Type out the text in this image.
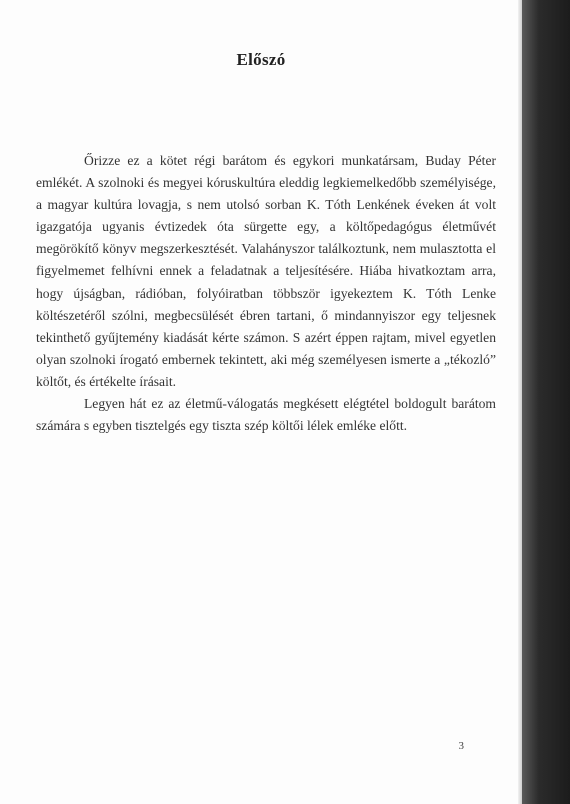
Előszó

Őrizze ez a kötet régi barátom és egykori munkatársam, Buday Péter emlékét. A szolnoki és megyei kóruskultúra eleddig legkiemelkedőbb személyisége, a magyar kultúra lovagja, s nem utolsó sorban K. Tóth Lenkének éveken át volt igazgatója ugyanis évtizedek óta sürgette egy, a költőpedagógus életművét megörökítő könyv megszerkesztését. Valahányszor találkoztunk, nem mulasztotta el figyelmemet felhívni ennek a feladatnak a teljesítésére. Hiába hivatkoztam arra, hogy újságban, rádióban, folyóiratban többször igyekeztem K. Tóth Lenke költészetéről szólni, megbecsülését ébren tartani, ő mindannyiszor egy teljesnek tekinthető gyűjtemény kiadását kérte számon. S azért éppen rajtam, mivel egyetlen olyan szolnoki írogató embernek tekintett, aki még személyesen ismerte a „tékozló” költőt, és értékelte írásait.

Legyen hát ez az életmű-válogatás megkésett elégtétel boldogult barátom számára s egyben tisztelgés egy tiszta szép költői lélek emléke előtt.

3
